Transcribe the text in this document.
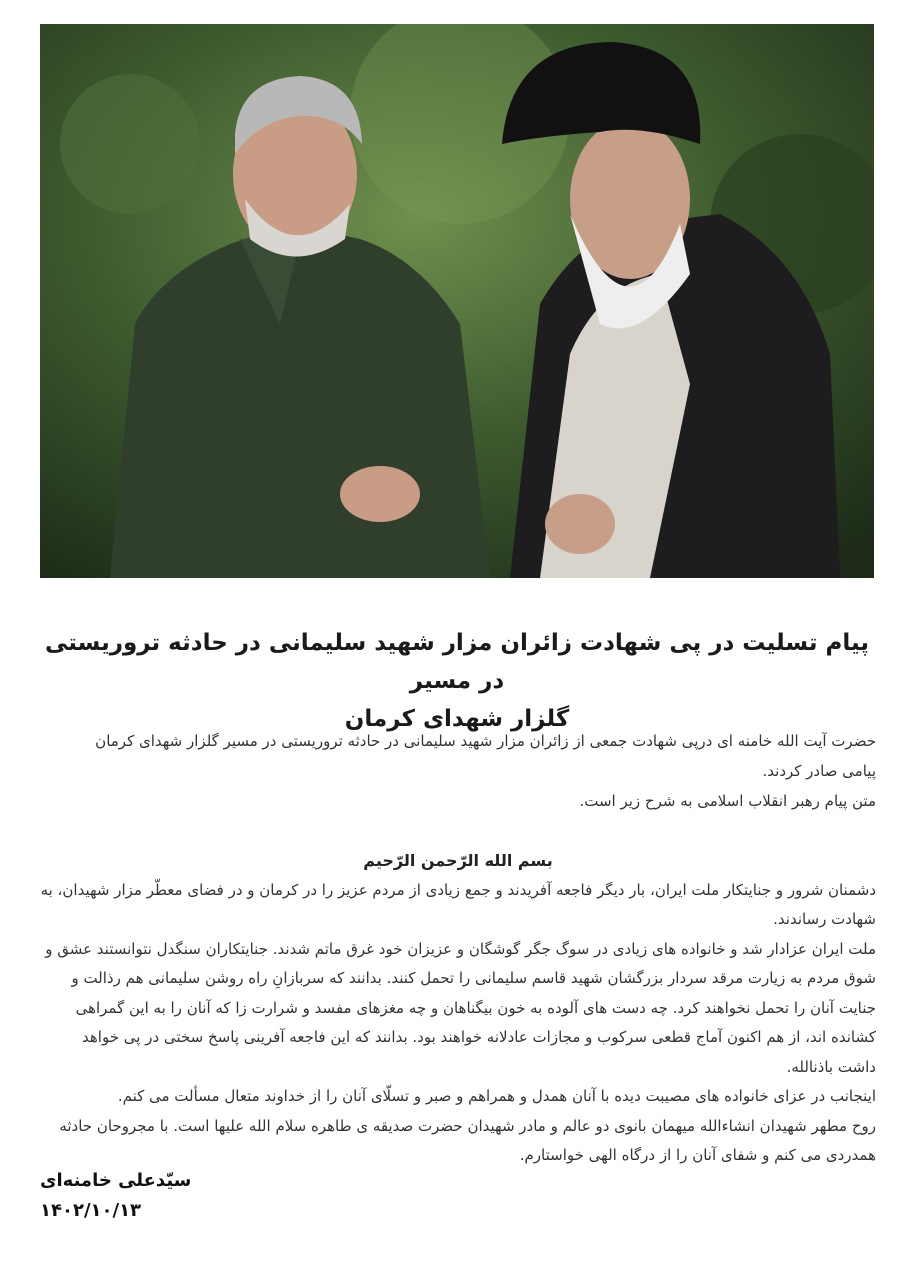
پیام تسلیت در پی شهادت زائران مزار شهید سلیمانی در حادثه تروریستی در مسیر
گلزار شهدای کرمان

حضرت آیت الله خامنه ای درپی شهادت جمعی از زائران مزار شهید سلیمانی در حادثه تروریستی در مسیر گلزار شهدای کرمان

پیامی صادر کردند.

متن پیام رهبر انقلاب اسلامی به شرح زیر است.

بسم الله الرّحمن الرّحیم

دشمنان شرور و جنایتکار ملت ایران، بار دیگر فاجعه آفریدند و جمع زیادی از مردم عزیز را در کرمان و در فضای معطّر مزار شهیدان، به شهادت رساندند.

ملت ایران عزادار شد و خانواده های زیادی در سوگ جگر گوشگان و عزیزان خود غرق ماتم شدند. جنایتکاران سنگدل نتوانستند عشق و شوق مردم به زیارت مرقد سردار بزرگشان شهید قاسم سلیمانی را تحمل کنند. بدانند که سربازانِ راه روشن سلیمانی هم رذالت و جنایت آنان را تحمل نخواهند کرد. چه دست های آلوده به خون بیگناهان و چه مغزهای مفسد و شرارت زا که آنان را به این گمراهی کشانده اند، از هم اکنون آماج قطعی سرکوب و مجازات عادلانه خواهند بود. بدانند که این فاجعه آفرینی پاسخ سختی در پی خواهد داشت باذنالله.

اینجانب در عزای خانواده های مصیبت دیده با آنان همدل و همراهم و صبر و تسلّای آنان را از خداوند متعال مسألت می کنم.

روح مطهر شهیدان انشاءالله میهمان بانوی دو عالم و مادر شهیدان حضرت صدیقه ی طاهره سلام الله علیها است. با مجروحان حادثه همدردی می کنم و شفای آنان را از درگاه الهی خواستارم.

سیّدعلی خامنه‌ای
۱۴۰۲/۱۰/۱۳
